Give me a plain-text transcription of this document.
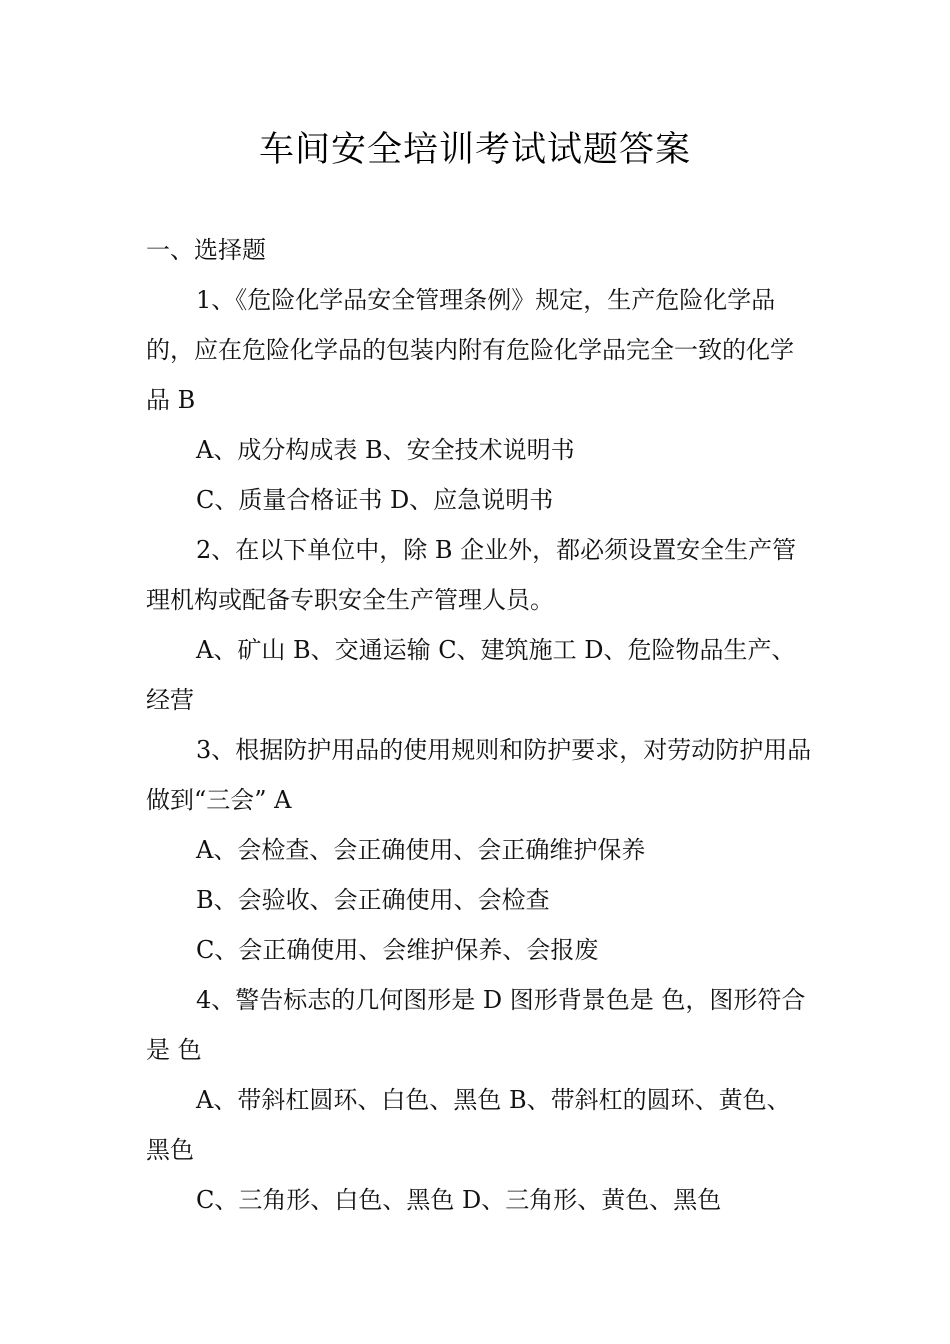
车间安全培训考试试题答案

一、选择题

1、《危险化学品安全管理条例》规定，生产危险化学品的，应在危险化学品的包装内附有危险化学品完全一致的化学品 B

A、成分构成表 B、安全技术说明书

C、质量合格证书 D、应急说明书

2、在以下单位中，除 B 企业外，都必须设置安全生产管理机构或配备专职安全生产管理人员。

A、矿山 B、交通运输 C、建筑施工 D、危险物品生产、经营

3、根据防护用品的使用规则和防护要求，对劳动防护用品做到“三会” A

A、会检查、会正确使用、会正确维护保养

B、会验收、会正确使用、会检查

C、会正确使用、会维护保养、会报废

4、警告标志的几何图形是 D 图形背景色是 色，图形符合是 色

A、带斜杠圆环、白色、黑色 B、带斜杠的圆环、黄色、黑色

C、三角形、白色、黑色 D、三角形、黄色、黑色
